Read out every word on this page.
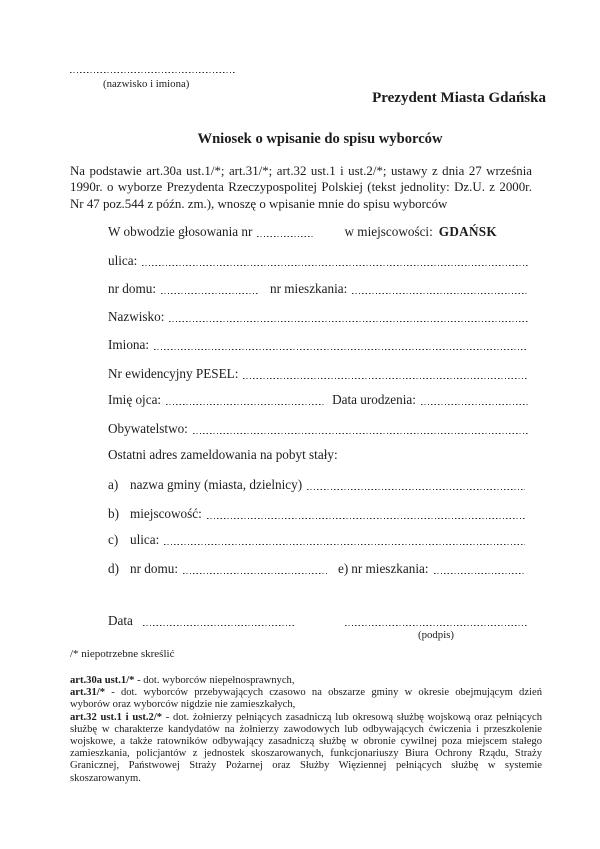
(nazwisko i imiona)
Prezydent Miasta Gdańska
Wniosek o wpisanie do spisu wyborców

Na podstawie art.30a ust.1/*; art.31/*; art.32 ust.1 i ust.2/*; ustawy z dnia 27 września 1990r. o wyborze Prezydenta Rzeczypospolitej Polskiej (tekst jednolity: Dz.U. z 2000r. Nr 47 poz.544 z późn. zm.), wnoszę o wpisanie mnie do spisu wyborców

W obwodzie głosowania nr	w miejscowości: GDAŃSK
ulica:
nr domu:	nr mieszkania:
Nazwisko:
Imiona:
Nr ewidencyjny PESEL:
Imię ojca:	Data urodzenia:
Obywatelstwo:
Ostatni adres zameldowania na pobyt stały:
a) nazwa gminy (miasta, dzielnicy)
b) miejscowość:
c) ulica:
d) nr domu:	e) nr mieszkania:
Data
(podpis)
/* niepotrzebne skreślić

art.30a ust.1/* - dot. wyborców niepełnosprawnych,

art.31/* - dot. wyborców przebywających czasowo na obszarze gminy w okresie obejmującym dzień wyborów oraz wyborców nigdzie nie zamieszkałych,

art.32 ust.1 i ust.2/* - dot. żołnierzy pełniących zasadniczą lub okresową służbę wojskową oraz pełniących służbę w charakterze kandydatów na żołnierzy zawodowych lub odbywających ćwiczenia i przeszkolenie wojskowe, a także ratowników odbywający zasadniczą służbę w obronie cywilnej poza miejscem stałego zamieszkania, policjantów z jednostek skoszarowanych, funkcjonariuszy Biura Ochrony Rządu, Straży Granicznej, Państwowej Straży Pożarnej oraz Służby Więziennej pełniących służbę w systemie skoszarowanym.
